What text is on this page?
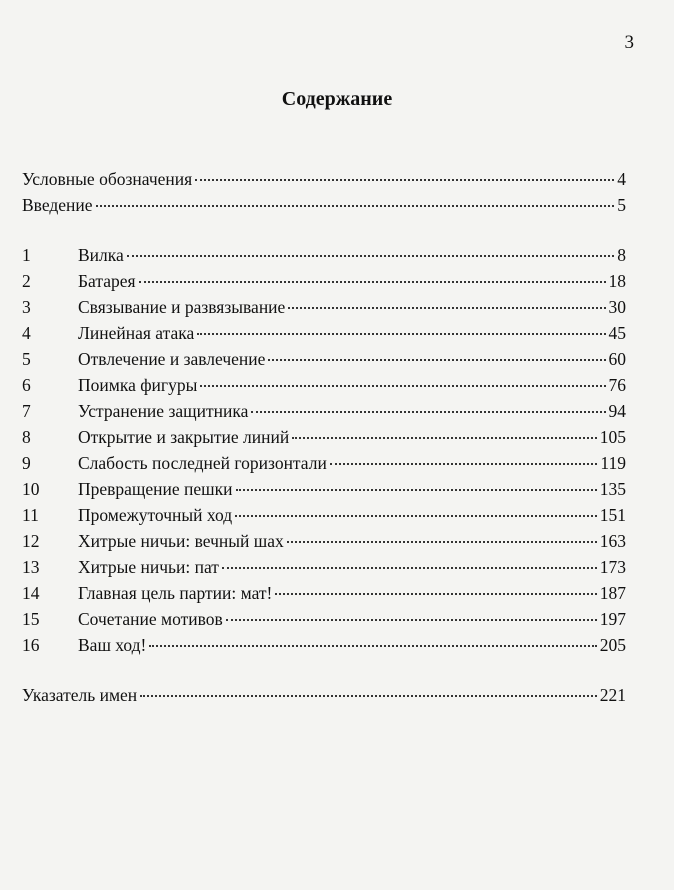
3
Содержание
Условные обозначения	4
Введение	5
1	Вилка	8
2	Батарея	18
3	Связывание и развязывание	30
4	Линейная атака	45
5	Отвлечение и завлечение	60
6	Поимка фигуры	76
7	Устранение защитника	94
8	Открытие и закрытие линий	105
9	Слабость последней горизонтали	119
10	Превращение пешки	135
11	Промежуточный ход	151
12	Хитрые ничьи: вечный шах	163
13	Хитрые ничьи: пат	173
14	Главная цель партии: мат!	187
15	Сочетание мотивов	197
16	Ваш ход!	205
Указатель имен	221
